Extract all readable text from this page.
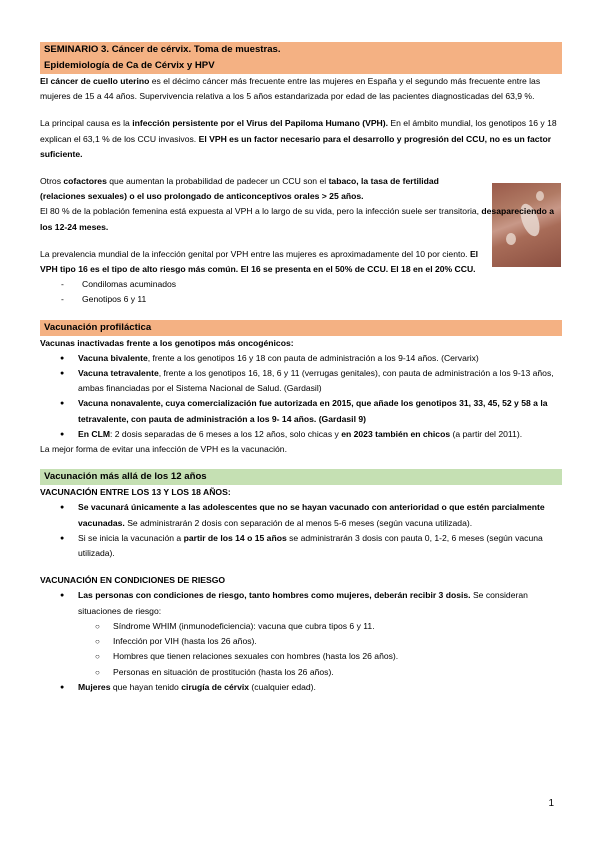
SEMINARIO 3. Cáncer de cérvix. Toma de muestras.

Epidemiología de Ca de Cérvix y HPV

El cáncer de cuello uterino es el décimo cáncer más frecuente entre las mujeres en España y el segundo más frecuente entre las mujeres de 15 a 44 años. Supervivencia relativa a los 5 años estandarizada por edad de las pacientes diagnosticadas del 63,9 %.

La principal causa es la infección persistente por el Virus del Papiloma Humano (VPH). En el ámbito mundial, los genotipos 16 y 18 explican el 63,1 % de los CCU invasivos. El VPH es un factor necesario para el desarrollo y progresión del CCU, no es un factor suficiente.

Otros cofactores que aumentan la probabilidad de padecer un CCU son el tabaco, la tasa de fertilidad (relaciones sexuales) o el uso prolongado de anticonceptivos orales > 25 años.

El 80 % de la población femenina está expuesta al VPH a lo largo de su vida, pero la infección suele ser transitoria, desapareciendo a los 12-24 meses.

La prevalencia mundial de la infección genital por VPH entre las mujeres es aproximadamente del 10 por ciento. El VPH tipo 16 es el tipo de alto riesgo más común. El 16 se presenta en el 50% de CCU. El 18 en el 20% CCU.

- Condilomas acuminados

- Genotipos 6 y 11

Vacunación profiláctica

Vacunas inactivadas frente a los genotipos más oncogénicos:

● Vacuna bivalente, frente a los genotipos 16 y 18 con pauta de administración a los 9-14 años. (Cervarix)
● Vacuna tetravalente, frente a los genotipos 16, 18, 6 y 11 (verrugas genitales), con pauta de administración a los 9-13 años, ambas financiadas por el Sistema Nacional de Salud. (Gardasil)
● Vacuna nonavalente, cuya comercialización fue autorizada en 2015, que añade los genotipos 31, 33, 45, 52 y 58 a la tetravalente, con pauta de administración a los 9- 14 años. (Gardasil 9)
● En CLM: 2 dosis separadas de 6 meses a los 12 años, solo chicas y en 2023 también en chicos (a partir del 2011).

La mejor forma de evitar una infección de VPH es la vacunación.

Vacunación más allá de los 12 años

VACUNACIÓN ENTRE LOS 13 Y LOS 18 AÑOS:

● Se vacunará únicamente a las adolescentes que no se hayan vacunado con anterioridad o que estén parcialmente vacunadas. Se administrarán 2 dosis con separación de al menos 5-6 meses (según vacuna utilizada).
● Si se inicia la vacunación a partir de los 14 o 15 años se administrarán 3 dosis con pauta 0, 1-2, 6 meses (según vacuna utilizada).

VACUNACIÓN EN CONDICIONES DE RIESGO

● Las personas con condiciones de riesgo, tanto hombres como mujeres, deberán recibir 3 dosis. Se consideran situaciones de riesgo:
○ Síndrome WHIM (inmunodeficiencia): vacuna que cubra tipos 6 y 11.
○ Infección por VIH (hasta los 26 años).
○ Hombres que tienen relaciones sexuales con hombres (hasta los 26 años).
○ Personas en situación de prostitución (hasta los 26 años).
● Mujeres que hayan tenido cirugía de cérvix (cualquier edad).
1
